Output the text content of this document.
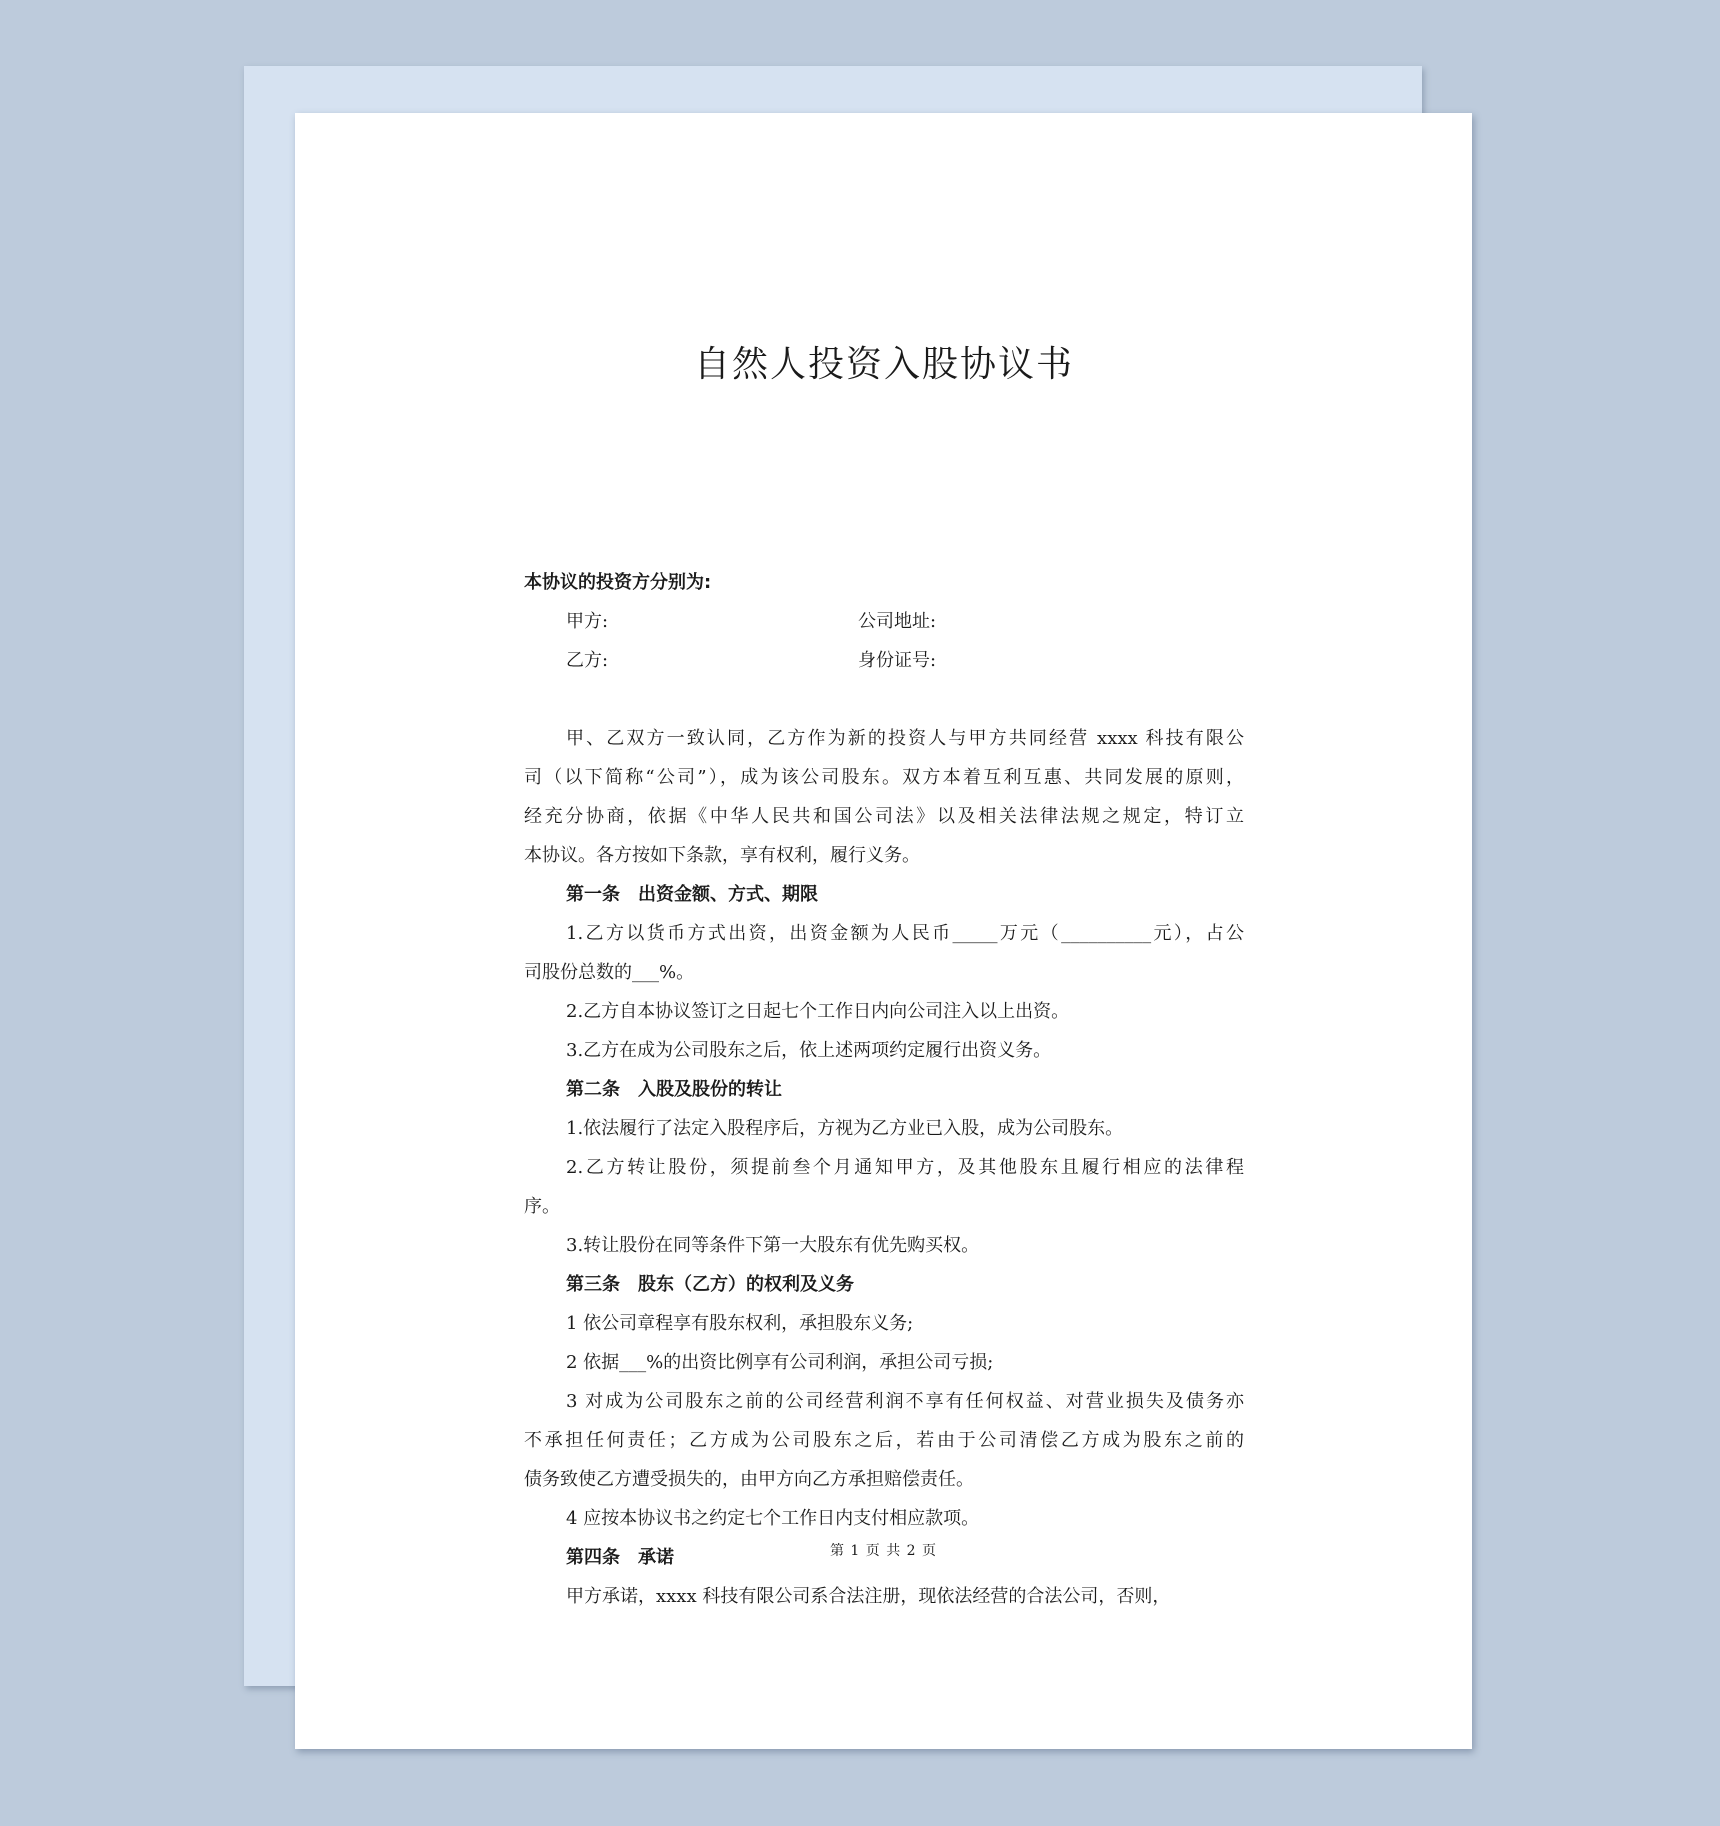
自然人投资入股协议书
本协议的投资方分别为:
甲方:	公司地址:
乙方:	身份证号:
甲、乙双方一致认同，乙方作为新的投资人与甲方共同经营 xxxx 科技有限公
司（以下简称“公司”），成为该公司股东。双方本着互利互惠、共同发展的原则，
经充分协商，依据《中华人民共和国公司法》以及相关法律法规之规定，特订立
本协议。各方按如下条款，享有权利，履行义务。
第一条　出资金额、方式、期限
1.乙方以货币方式出资，出资金额为人民币_____万元（__________元），占公
司股份总数的___%。
2.乙方自本协议签订之日起七个工作日内向公司注入以上出资。
3.乙方在成为公司股东之后，依上述两项约定履行出资义务。
第二条　入股及股份的转让
1.依法履行了法定入股程序后，方视为乙方业已入股，成为公司股东。
2.乙方转让股份，须提前叁个月通知甲方，及其他股东且履行相应的法律程
序。
3.转让股份在同等条件下第一大股东有优先购买权。
第三条　股东（乙方）的权利及义务
1 依公司章程享有股东权利，承担股东义务;
2 依据___%的出资比例享有公司利润，承担公司亏损;
3 对成为公司股东之前的公司经营利润不享有任何权益、对营业损失及债务亦
不承担任何责任；乙方成为公司股东之后，若由于公司清偿乙方成为股东之前的
债务致使乙方遭受损失的，由甲方向乙方承担赔偿责任。
4 应按本协议书之约定七个工作日内支付相应款项。
第四条　承诺
甲方承诺，xxxx 科技有限公司系合法注册，现依法经营的合法公司，否则，
第 1 页 共 2 页
